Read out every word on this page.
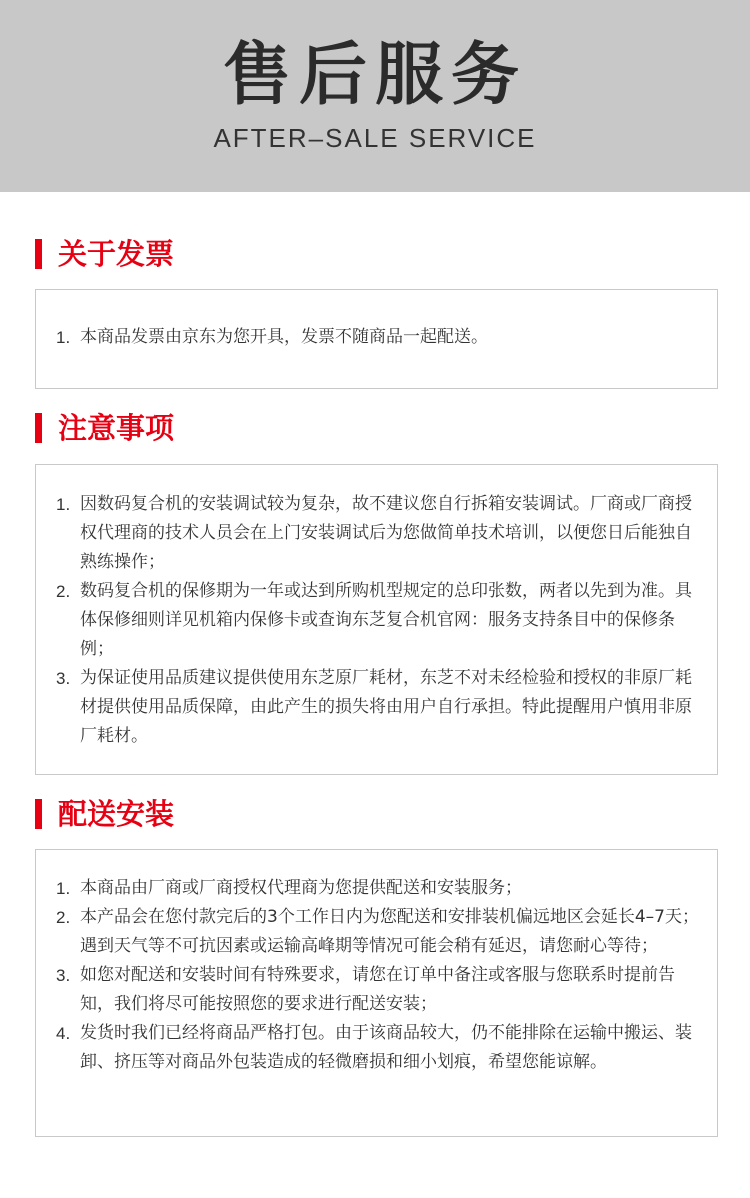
售后服务
AFTER–SALE SERVICE
关于发票
1. 本商品发票由京东为您开具，发票不随商品一起配送。
注意事项
1. 因数码复合机的安装调试较为复杂，故不建议您自行拆箱安装调试。厂商或厂商授权代理商的技术人员会在上门安装调试后为您做简单技术培训，以便您日后能独自熟练操作；
2. 数码复合机的保修期为一年或达到所购机型规定的总印张数，两者以先到为准。具体保修细则详见机箱内保修卡或查询东芝复合机官网：服务支持条目中的保修条例；
3. 为保证使用品质建议提供使用东芝原厂耗材，东芝不对未经检验和授权的非原厂耗材提供使用品质保障，由此产生的损失将由用户自行承担。特此提醒用户慎用非原厂耗材。
配送安装
1. 本商品由厂商或厂商授权代理商为您提供配送和安装服务；
2. 本产品会在您付款完后的3个工作日内为您配送和安排装机偏远地区会延长4–7天；遇到天气等不可抗因素或运输高峰期等情况可能会稍有延迟，请您耐心等待；
3. 如您对配送和安装时间有特殊要求，请您在订单中备注或客服与您联系时提前告知，我们将尽可能按照您的要求进行配送安装；
4. 发货时我们已经将商品严格打包。由于该商品较大，仍不能排除在运输中搬运、装卸、挤压等对商品外包装造成的轻微磨损和细小划痕，希望您能谅解。
